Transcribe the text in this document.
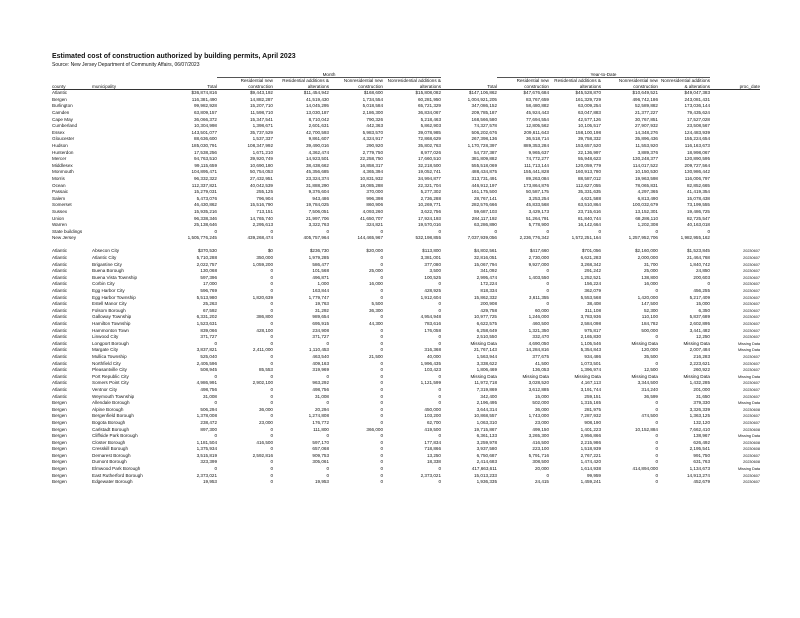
Estimated cost of construction authorized by building permits, April 2023
Source: New Jersey Department of Community Affairs, 06/07/2023
			Month					Year-to-Date				
county	municipality	Total	Residential new construction	Residential additions & alterations	Nonresidential new construction	Nonresidential additions & alterations	Total	Residential new construction	Residential additions & alterations	Nonresidential new construction	Nonresidential additions & alterations	proc_date
Atlantic		$36,874,816	$9,443,192	$11,454,942	$168,600	$15,808,082	$147,106,862	$47,676,684	$45,528,870	$10,649,521	$49,047,383	
Bergen		116,381,490	14,882,287	41,519,430	1,734,554	60,281,950	1,004,921,205	83,767,659	161,329,729	496,742,186	243,081,431	
Burlington		99,982,928	15,207,710	14,045,295	5,018,584	65,721,329	347,086,152	58,480,882	63,009,254	52,589,882	173,036,144	
Camden		63,809,157	11,598,710	13,030,187	2,186,300	36,834,067	209,785,187	45,924,443	63,047,883	21,377,227	79,435,624	
Cape May		36,066,372	15,347,541	8,710,042	790,326	5,218,463	168,566,580	77,694,554	42,577,126	30,767,851	17,527,028	
Cumberland		10,304,998	1,398,671	2,601,631	442,363	5,862,903	74,327,578	12,805,562	10,105,517	27,907,932	23,508,567	
Essex		143,501,077	35,737,529	42,700,593	5,983,570	39,078,985	506,202,676	209,611,643	158,100,198	14,348,276	124,483,939	
Gloucester		88,636,600	1,537,337	9,861,607	4,324,917	72,868,629	267,398,136	36,518,714	39,758,332	35,896,436	155,224,654	
Hudson		185,030,791	108,347,992	39,490,016	290,920	35,802,763	1,170,728,397	889,353,284	153,657,520	11,553,920	116,163,673	
Hunterdon		17,538,256	1,671,210	4,362,474	2,779,750	8,977,026	54,737,387	9,965,637	22,136,997	3,889,376	18,998,067	
Mercer		94,763,510	39,920,749	14,923,501	22,258,750	17,660,510	381,809,882	74,772,277	55,948,623	130,248,377	120,890,595	
Middlesex		99,115,659	10,690,180	38,438,662	16,858,317	32,218,500	555,518,069	111,713,144	120,059,779	114,017,522	209,727,564	
Monmouth		104,895,471	50,754,053	45,356,685	4,365,394	19,052,741	488,434,875	155,441,828	160,913,780	10,150,530	130,986,442	
Morris		96,332,322	27,432,951	23,324,374	10,831,932	34,994,877	313,731,491	89,263,084	88,587,012	19,963,598	116,006,797	
Ocean		112,337,821	40,042,539	31,888,290	18,085,288	22,321,704	446,912,197	173,864,876	112,627,055	78,065,831	82,852,665	
Passaic		15,279,031	255,125	9,376,604	370,000	5,277,302	161,175,500	50,587,175	35,331,635	4,297,365	41,419,354	
Salem		5,473,076	796,904	943,486	996,398	2,736,288	28,767,141	3,253,254	4,621,588	6,813,490	15,078,438	
Somerset		46,430,862	15,516,790	19,784,025	860,906	10,269,771	282,576,666	45,833,568	63,510,864	100,032,679	73,199,555	
Sussex		15,935,216	713,151	7,506,051	4,093,260	3,622,756	59,687,103	3,429,173	23,715,616	13,152,301	19,486,725	
Union		96,338,346	14,765,740	21,997,706	41,650,707	17,924,193	284,117,192	51,264,791	81,840,744	68,286,110	82,725,547	
Warren		25,138,646	2,295,613	3,322,763	324,821	19,570,016	63,286,890	5,778,900	16,142,664	1,202,308	40,163,018	
State buildings		0	0	0	0	0	0	0	0	0	0	
New Jersey		1,505,776,245	439,268,474	405,757,964	144,465,967	532,198,855	7,037,939,056	2,236,776,342	1,572,251,164	1,257,952,706	1,982,955,162	

Atlantic	Absecon City	$370,530	$0	$236,730	$20,000	$113,800	$4,802,561	$417,660	$701,056	$2,160,000	$1,523,845	20230607
Atlantic	Atlantic City	5,710,288	350,000	1,979,285	0	3,381,001	32,816,051	2,730,000	6,621,283	2,000,000	21,464,768	20230607
Atlantic	Brigantine City	2,022,757	1,059,200	586,477	0	377,080	15,067,794	9,927,000	3,268,342	31,700	1,840,742	20230607
Atlantic	Buena Borough	130,068	0	101,568	25,000	3,500	341,092	0	291,242	25,000	24,850	20230607
Atlantic	Buena Vista Township	597,396	0	496,871	0	100,525	2,995,474	1,403,550	1,252,521	138,800	200,603	20230607
Atlantic	Corbin City	17,000	0	1,000	16,000	0	172,224	0	156,224	16,000	0	20230607
Atlantic	Egg Harbor City	596,769	0	163,844	0	428,925	818,334	0	362,079	0	456,255	20230607
Atlantic	Egg Harbor Township	5,513,980	1,820,639	1,779,747	0	1,912,604	15,862,332	3,611,355	5,553,568	1,420,000	5,217,409	20230607
Atlantic	Estell Manor City	25,263	0	19,763	5,500	0	200,908	0	38,408	147,500	15,000	20230607
Atlantic	Folsom Borough	67,592	0	31,292	36,300	0	429,758	60,000	311,108	52,300	6,350	20230607
Atlantic	Galloway Township	6,331,202	386,800	989,654	0	4,954,948	10,977,725	1,246,000	3,783,936	110,100	5,837,689	20230607
Atlantic	Hamilton Township	1,523,631	0	695,915	44,300	783,616	6,622,575	460,500	2,584,098	184,782	2,602,895	20230607
Atlantic	Hammonton Town	839,066	428,100	234,908	0	176,058	6,258,649	1,321,350	975,817	500,000	3,441,482	20230607
Atlantic	Linwood City	371,727	0	371,727	0	0	2,510,550	332,470	2,165,830	0	12,250	20230607
Atlantic	Longport Borough	0	0	0	0	0	Missing Data	4,690,050	1,105,546	Missing Data	Missing Data	Missing Data
Atlantic	Margate City	3,837,821	2,411,000	1,110,453	0	316,368	21,767,143	14,284,816	5,354,843	120,000	2,007,484	Missing Data
Atlantic	Mullica Township	525,040	0	463,540	21,500	40,000	1,563,944	377,675	934,486	35,500	216,283	20230607
Atlantic	Northfield City	2,405,596	0	409,163	0	1,996,435	3,338,622	41,500	1,073,501	0	2,223,621	20230607
Atlantic	Pleasantville City	508,945	85,553	319,969	0	103,423	1,806,469	136,053	1,396,974	12,500	260,922	20230607
Atlantic	Port Republic City	0	0	0	0	0	Missing Data	Missing Data	Missing Data	Missing Data	Missing Data	Missing Data
Atlantic	Somers Point City	4,986,991	2,902,100	963,292	0	1,121,599	11,972,718	3,028,520	4,167,113	3,344,500	1,432,285	20230607
Atlantic	Ventnor City	498,756	0	498,756	0	0	7,319,869	3,612,885	3,191,744	314,240	201,000	20230607
Atlantic	Weymouth Township	31,008	0	31,008	0	0	342,400	15,000	259,151	36,599	31,650	20230607
Bergen	Allendale Borough	0	0	0	0	0	2,196,495	502,000	1,315,165	0	379,330	Missing Data
Bergen	Alpine Borough	506,294	36,000	20,294	0	450,000	3,644,314	36,000	281,975	0	3,326,339	20230608
Bergen	Bergenfield Borough	1,378,008	0	1,274,808	0	103,200	10,868,557	1,743,000	7,287,932	474,500	1,363,125	20230607
Bergen	Bogota Borough	238,472	23,000	176,772	0	62,700	1,063,310	23,000	908,190	0	132,120	20230607
Bergen	Carlstadt Borough	897,300	0	111,800	366,000	419,500	19,715,867	499,150	1,401,223	10,152,884	7,662,410	20230608
Bergen	Cliffside Park Borough	0	0	0	0	0	6,361,133	3,265,300	2,956,866	0	138,967	Missing Data
Bergen	Closter Borough	1,181,504	416,500	597,170	0	177,834	3,259,978	416,500	2,215,986	0	626,492	20230608
Bergen	Cresskill Borough	1,375,934	0	657,068	0	718,866	3,937,580	223,100	1,518,939	0	2,195,541	20230608
Bergen	Demarest Borough	3,515,819	2,592,816	909,753	0	13,250	6,750,687	5,791,716	2,767,221	0	991,750	20230607
Bergen	Dumont Borough	323,399	0	305,061	0	18,338	2,414,683	308,500	1,474,420	0	631,763	20230608
Bergen	Elmwood Park Borough	0	0	0	0	0	417,663,611	20,000	1,614,938	414,894,000	1,134,673	Missing Data
Bergen	East Rutherford Borough	2,373,021	0	0	0	2,373,021	15,013,233	0	99,959	0	14,913,274	20230607
Bergen	Edgewater Borough	19,953	0	19,953	0	0	1,936,335	24,415	1,459,241	0	452,679	20230607
